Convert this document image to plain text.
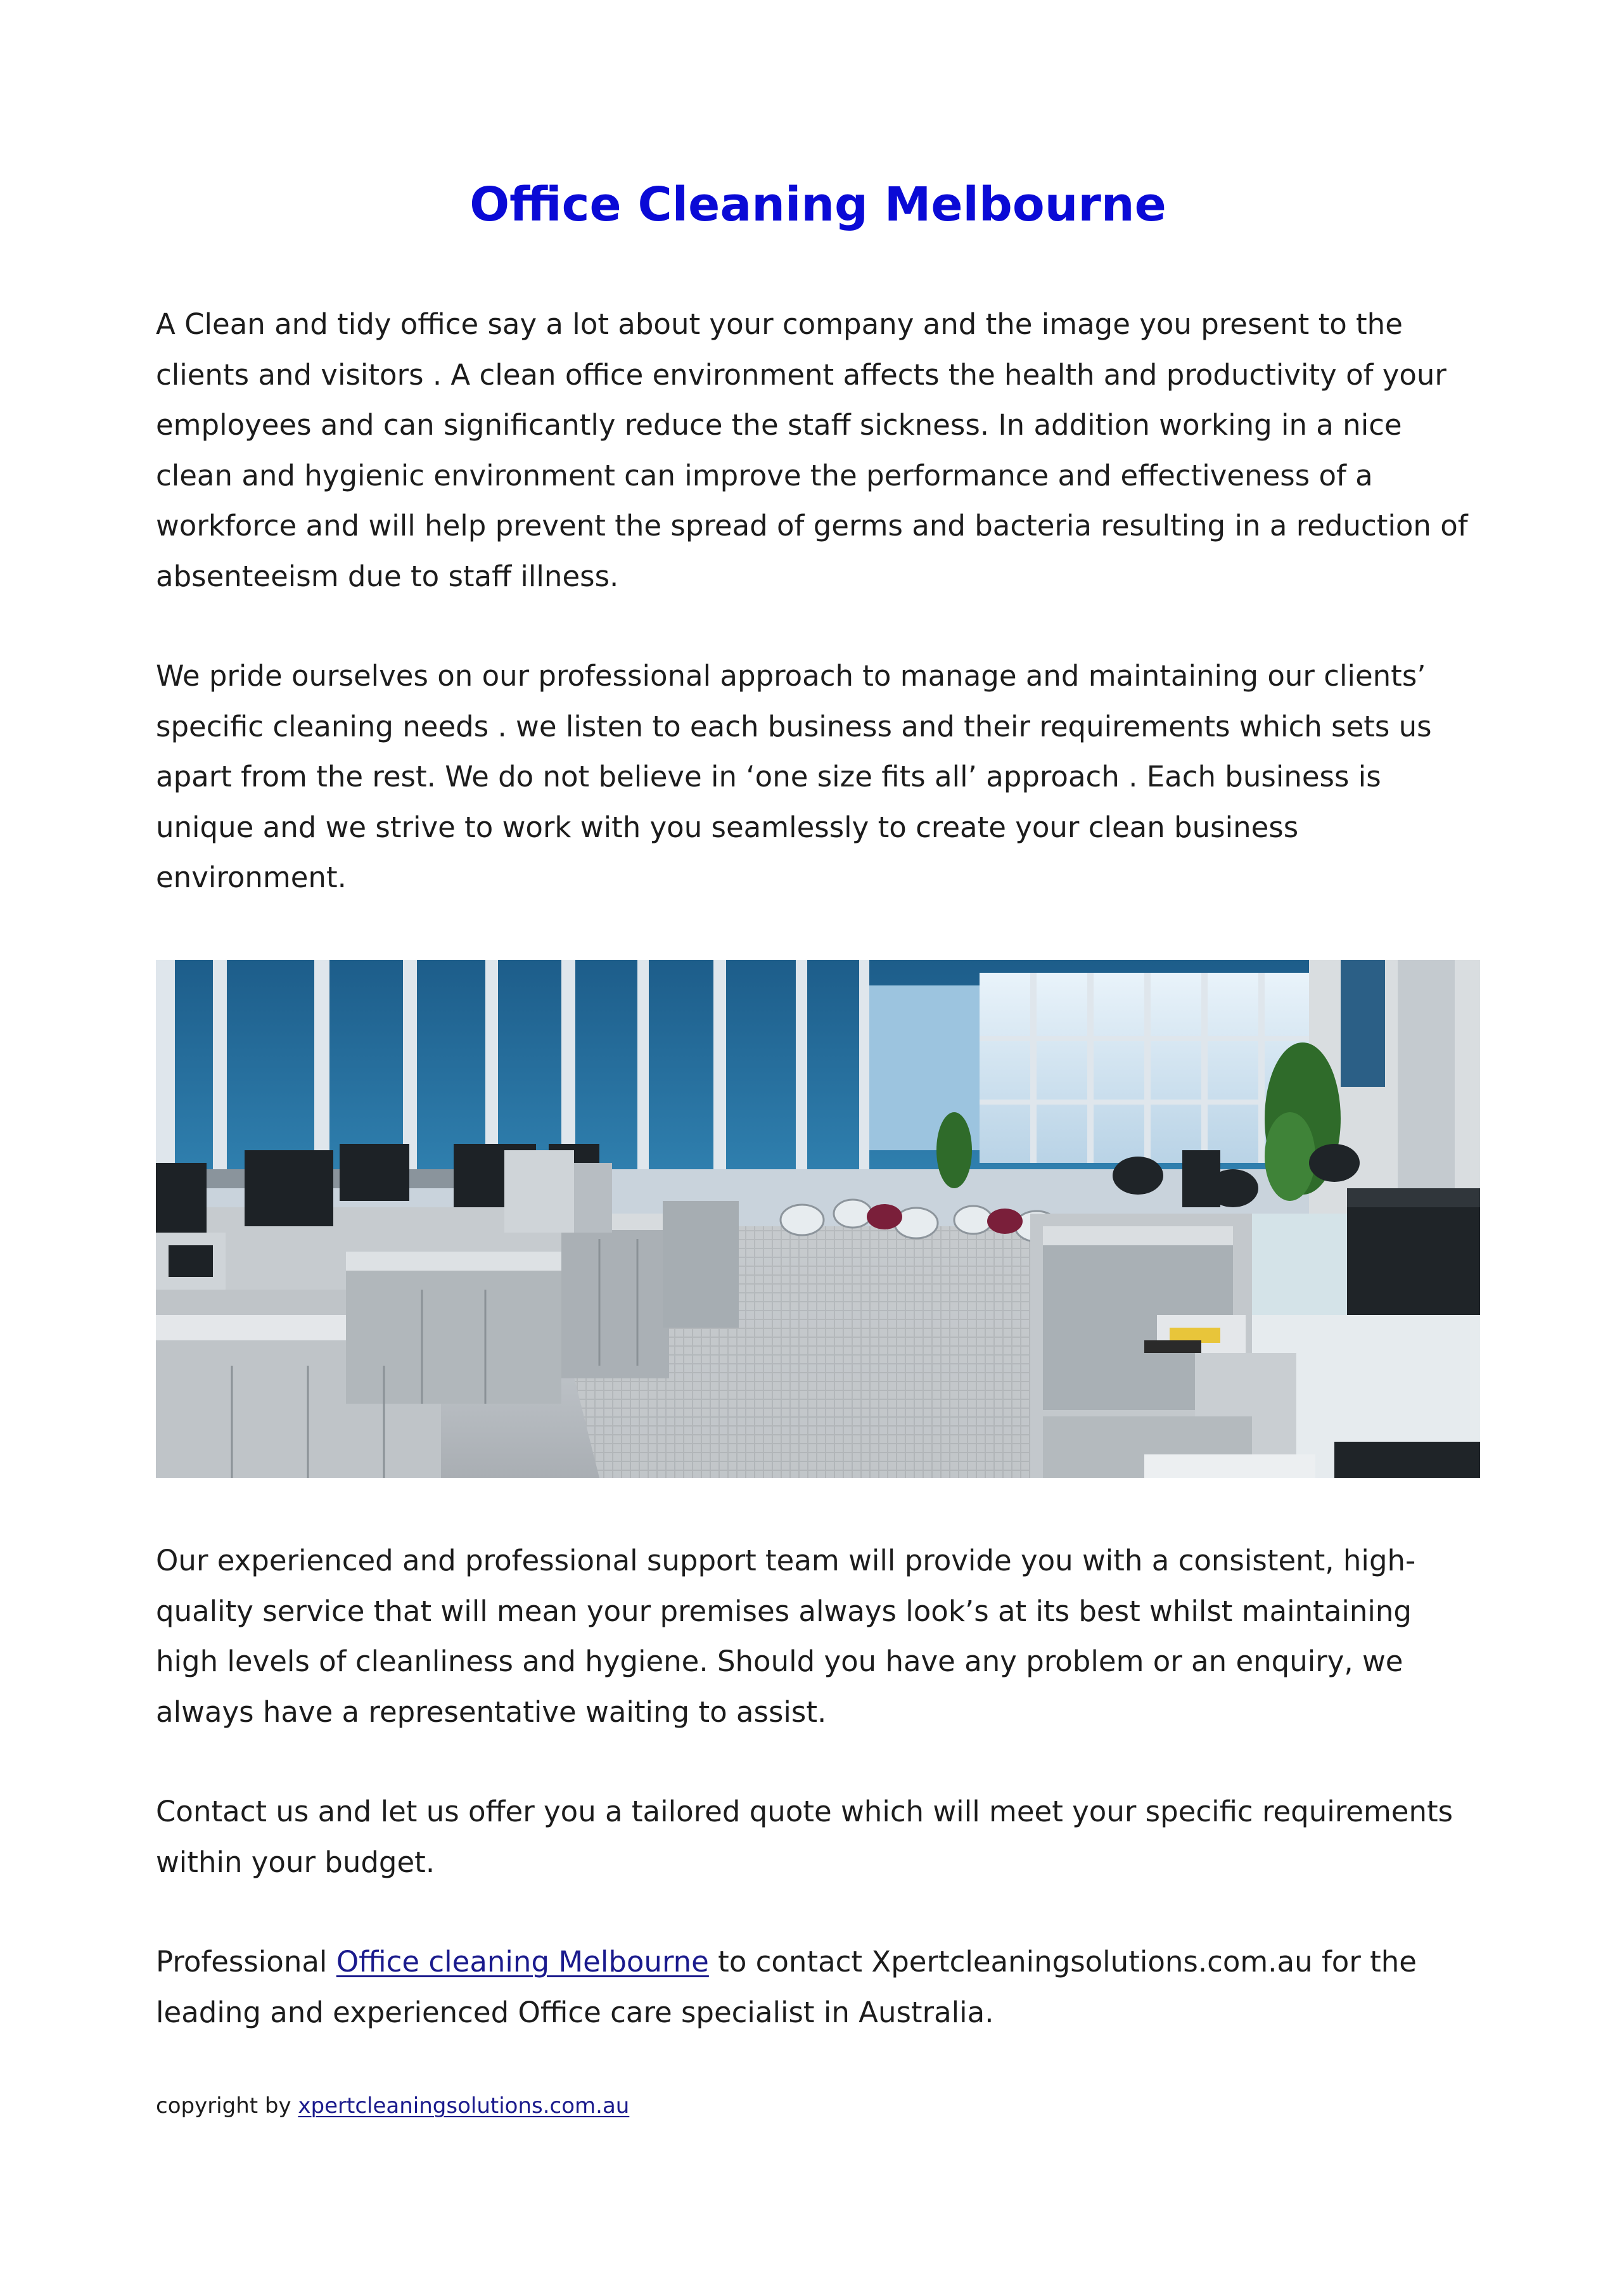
Office Cleaning Melbourne

A Clean and tidy office say a lot about your company and the image you present to the clients and visitors . A clean office environment affects the health and productivity of your employees and can significantly reduce the staff sickness. In addition working in a nice clean and hygienic environment can improve the performance and effectiveness of a workforce and will help prevent the spread of germs and bacteria resulting in a reduction of absenteeism due to staff illness.

We pride ourselves on our professional approach to manage and maintaining our clients’ specific cleaning needs . we listen to each business and their requirements which sets us apart from the rest. We do not believe in ‘one size fits all’ approach . Each business is unique and we strive to work with you seamlessly to create your clean business environment.

Our experienced and professional support team will provide you with a consistent, high-quality service that will mean your premises always look’s at its best whilst maintaining high levels of cleanliness and hygiene. Should you have any problem or an enquiry, we always have a representative waiting to assist.

Contact us and let us offer you a tailored quote which will meet your specific requirements within your budget.

Professional Office cleaning Melbourne to contact Xpertcleaningsolutions.com.au for the leading and experienced Office care specialist in Australia.

copyright by xpertcleaningsolutions.com.au
